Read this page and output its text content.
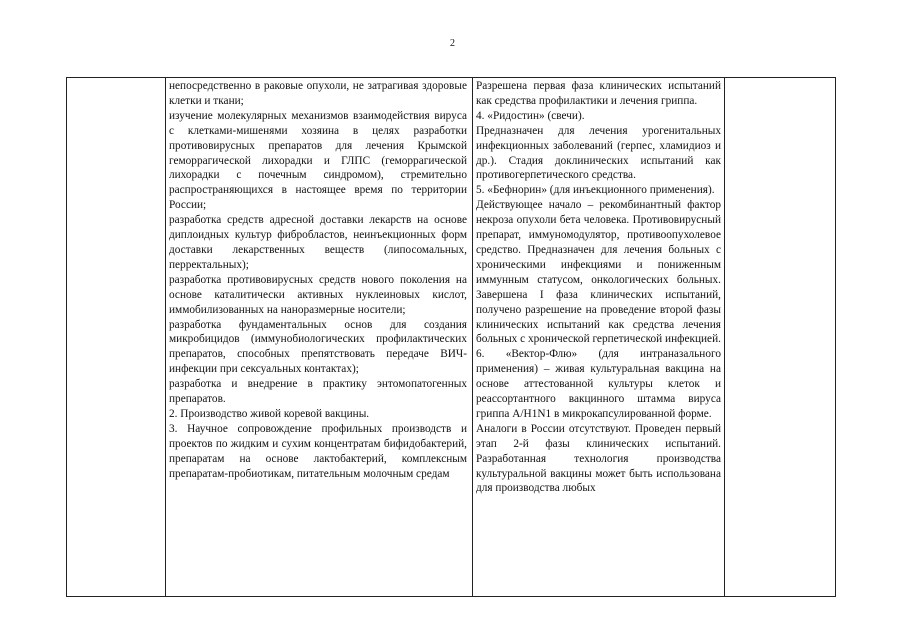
2

непосредственно в раковые опухоли, не затрагивая здоровые клетки и ткани;

изучение молекулярных механизмов взаимодействия вируса с клетками-мишенями хозяина в целях разработки противовирусных препаратов для лечения Крымской геморрагической лихорадки и ГЛПС (геморрагической лихорадки с почечным синдромом), стремительно распространяющихся в настоящее время по территории России;

разработка средств адресной доставки лекарств на основе диплоидных культур фибробластов, неинъекционных форм доставки лекарственных веществ (липосомальных, перректальных);

разработка противовирусных средств нового поколения на основе каталитически активных нуклеиновых кислот, иммобилизованных на наноразмерные носители;

разработка фундаментальных основ для создания микробицидов (иммунобиологических профилактических препаратов, способных препятствовать передаче ВИЧ-инфекции при сексуальных контактах);

разработка и внедрение в практику энтомопатогенных препаратов.

2. Производство живой коревой вакцины.

3. Научное сопровождение профильных производств и проектов по жидким и сухим концентратам бифидобактерий, препаратам на основе лактобактерий, комплексным препаратам-пробиотикам, питательным молочным средам

Разрешена первая фаза клинических испытаний как средства профилактики и лечения гриппа.

4. «Ридостин» (свечи).

Предназначен для лечения урогенитальных инфекционных заболеваний (герпес, хламидиоз и др.). Стадия доклинических испытаний как противогерпетического средства.

5. «Бефнорин» (для инъекционного применения).

Действующее начало – рекомбинантный фактор некроза опухоли бета человека. Противовирусный препарат, иммуномодулятор, противоопухолевое средство. Предназначен для лечения больных с хроническими инфекциями и пониженным иммунным статусом, онкологических больных. Завершена I фаза клинических испытаний, получено разрешение на проведение второй фазы клинических испытаний как средства лечения больных с хронической герпетической инфекцией.

6. «Вектор-Флю» (для интраназального применения) – живая культуральная вакцина на основе аттестованной культуры клеток и реассортантного вакцинного штамма вируса гриппа A/H1N1 в микрокапсулированной форме.

Аналоги в России отсутствуют. Проведен первый этап 2-й фазы клинических испытаний. Разработанная технология производства культуральной вакцины может быть использована для производства любых
